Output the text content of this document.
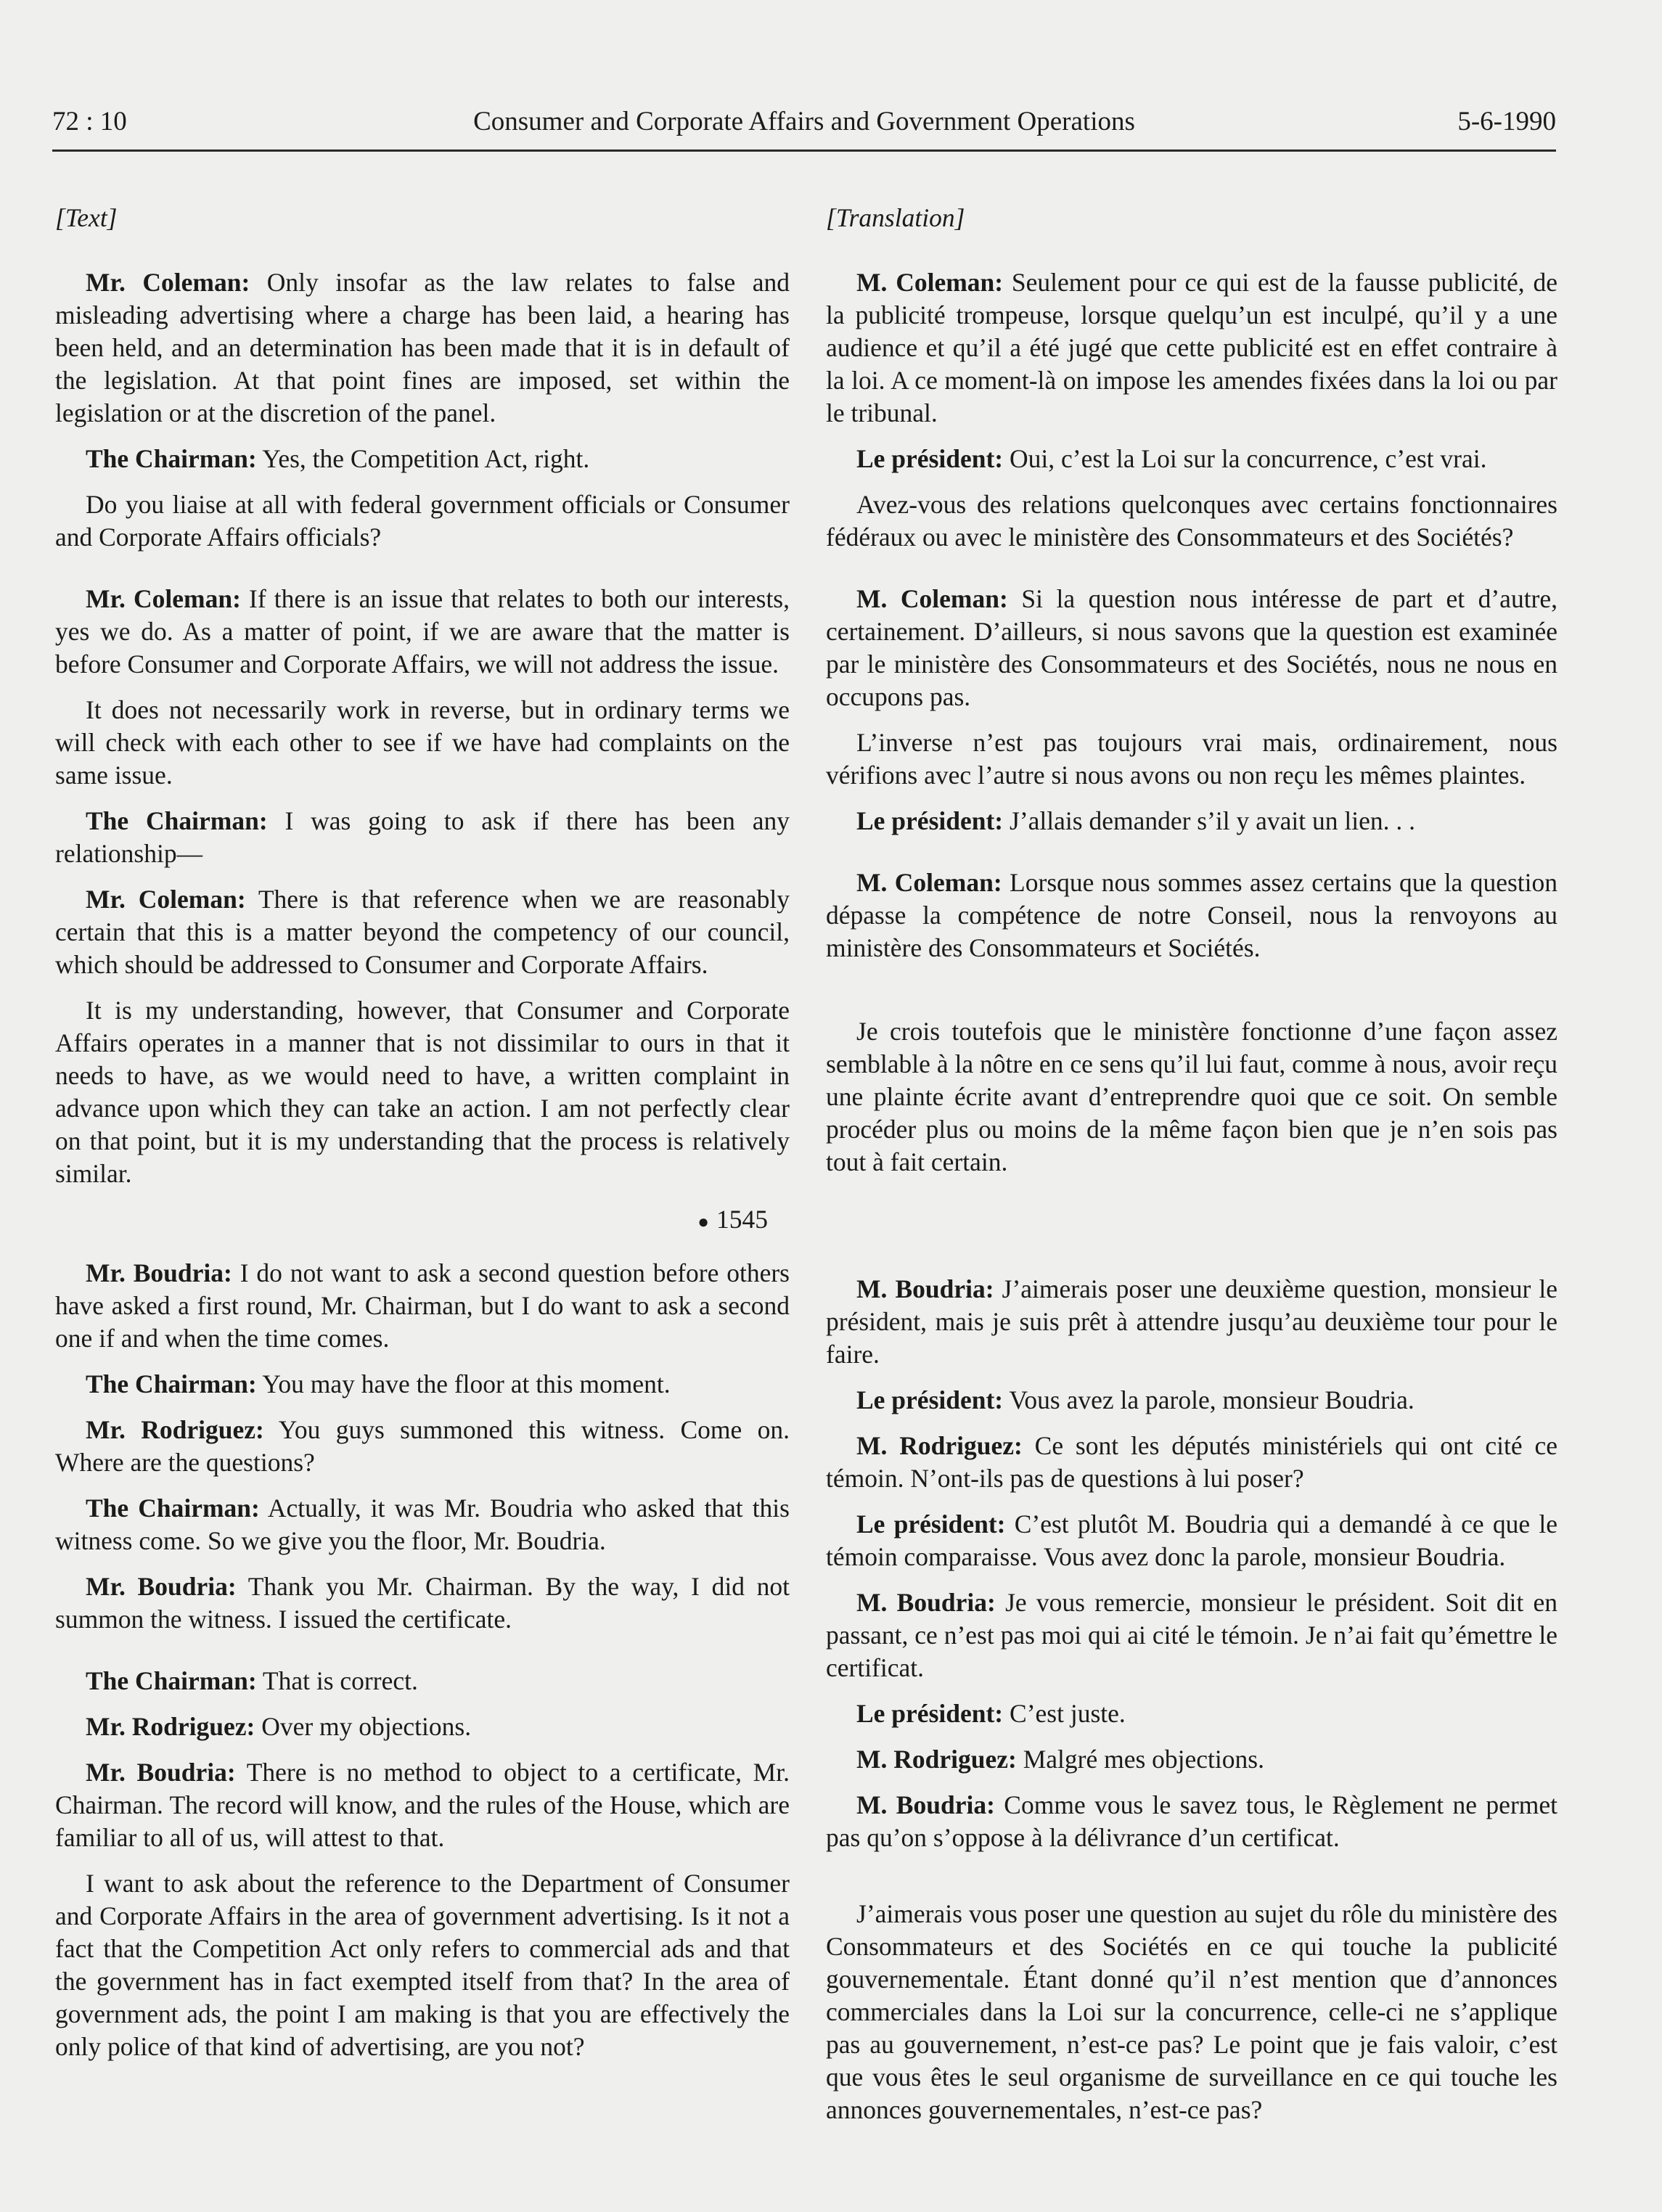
72 : 10	Consumer and Corporate Affairs and Government Operations	5-6-1990

[Text]

Mr. Coleman: Only insofar as the law relates to false and misleading advertising where a charge has been laid, a hearing has been held, and an determination has been made that it is in default of the legislation. At that point fines are imposed, set within the legislation or at the discretion of the panel.

The Chairman: Yes, the Competition Act, right.

Do you liaise at all with federal government officials or Consumer and Corporate Affairs officials?

Mr. Coleman: If there is an issue that relates to both our interests, yes we do. As a matter of point, if we are aware that the matter is before Consumer and Corporate Affairs, we will not address the issue.

It does not necessarily work in reverse, but in ordinary terms we will check with each other to see if we have had complaints on the same issue.

The Chairman: I was going to ask if there has been any relationship—

Mr. Coleman: There is that reference when we are reasonably certain that this is a matter beyond the competency of our council, which should be addressed to Consumer and Corporate Affairs.

It is my understanding, however, that Consumer and Corporate Affairs operates in a manner that is not dissimilar to ours in that it needs to have, as we would need to have, a written complaint in advance upon which they can take an action. I am not perfectly clear on that point, but it is my understanding that the process is relatively similar.

● 1545

Mr. Boudria: I do not want to ask a second question before others have asked a first round, Mr. Chairman, but I do want to ask a second one if and when the time comes.

The Chairman: You may have the floor at this moment.

Mr. Rodriguez: You guys summoned this witness. Come on. Where are the questions?

The Chairman: Actually, it was Mr. Boudria who asked that this witness come. So we give you the floor, Mr. Boudria.

Mr. Boudria: Thank you Mr. Chairman. By the way, I did not summon the witness. I issued the certificate.

The Chairman: That is correct.

Mr. Rodriguez: Over my objections.

Mr. Boudria: There is no method to object to a certificate, Mr. Chairman. The record will know, and the rules of the House, which are familiar to all of us, will attest to that.

I want to ask about the reference to the Department of Consumer and Corporate Affairs in the area of government advertising. Is it not a fact that the Competition Act only refers to commercial ads and that the government has in fact exempted itself from that? In the area of government ads, the point I am making is that you are effectively the only police of that kind of advertising, are you not?

[Translation]

M. Coleman: Seulement pour ce qui est de la fausse publicité, de la publicité trompeuse, lorsque quelqu’un est inculpé, qu’il y a une audience et qu’il a été jugé que cette publicité est en effet contraire à la loi. A ce moment-là on impose les amendes fixées dans la loi ou par le tribunal.

Le président: Oui, c’est la Loi sur la concurrence, c’est vrai.

Avez-vous des relations quelconques avec certains fonctionnaires fédéraux ou avec le ministère des Consommateurs et des Sociétés?

M. Coleman: Si la question nous intéresse de part et d’autre, certainement. D’ailleurs, si nous savons que la question est examinée par le ministère des Consommateurs et des Sociétés, nous ne nous en occupons pas.

L’inverse n’est pas toujours vrai mais, ordinairement, nous vérifions avec l’autre si nous avons ou non reçu les mêmes plaintes.

Le président: J’allais demander s’il y avait un lien. . .

M. Coleman: Lorsque nous sommes assez certains que la question dépasse la compétence de notre Conseil, nous la renvoyons au ministère des Consommateurs et Sociétés.

Je crois toutefois que le ministère fonctionne d’une façon assez semblable à la nôtre en ce sens qu’il lui faut, comme à nous, avoir reçu une plainte écrite avant d’entreprendre quoi que ce soit. On semble procéder plus ou moins de la même façon bien que je n’en sois pas tout à fait certain.

M. Boudria: J’aimerais poser une deuxième question, monsieur le président, mais je suis prêt à attendre jusqu’au deuxième tour pour le faire.

Le président: Vous avez la parole, monsieur Boudria.

M. Rodriguez: Ce sont les députés ministériels qui ont cité ce témoin. N’ont-ils pas de questions à lui poser?

Le président: C’est plutôt M. Boudria qui a demandé à ce que le témoin comparaisse. Vous avez donc la parole, monsieur Boudria.

M. Boudria: Je vous remercie, monsieur le président. Soit dit en passant, ce n’est pas moi qui ai cité le témoin. Je n’ai fait qu’émettre le certificat.

Le président: C’est juste.

M. Rodriguez: Malgré mes objections.

M. Boudria: Comme vous le savez tous, le Règlement ne permet pas qu’on s’oppose à la délivrance d’un certificat.

J’aimerais vous poser une question au sujet du rôle du ministère des Consommateurs et des Sociétés en ce qui touche la publicité gouvernementale. Étant donné qu’il n’est mention que d’annonces commerciales dans la Loi sur la concurrence, celle-ci ne s’applique pas au gouvernement, n’est-ce pas? Le point que je fais valoir, c’est que vous êtes le seul organisme de surveillance en ce qui touche les annonces gouvernementales, n’est-ce pas?
